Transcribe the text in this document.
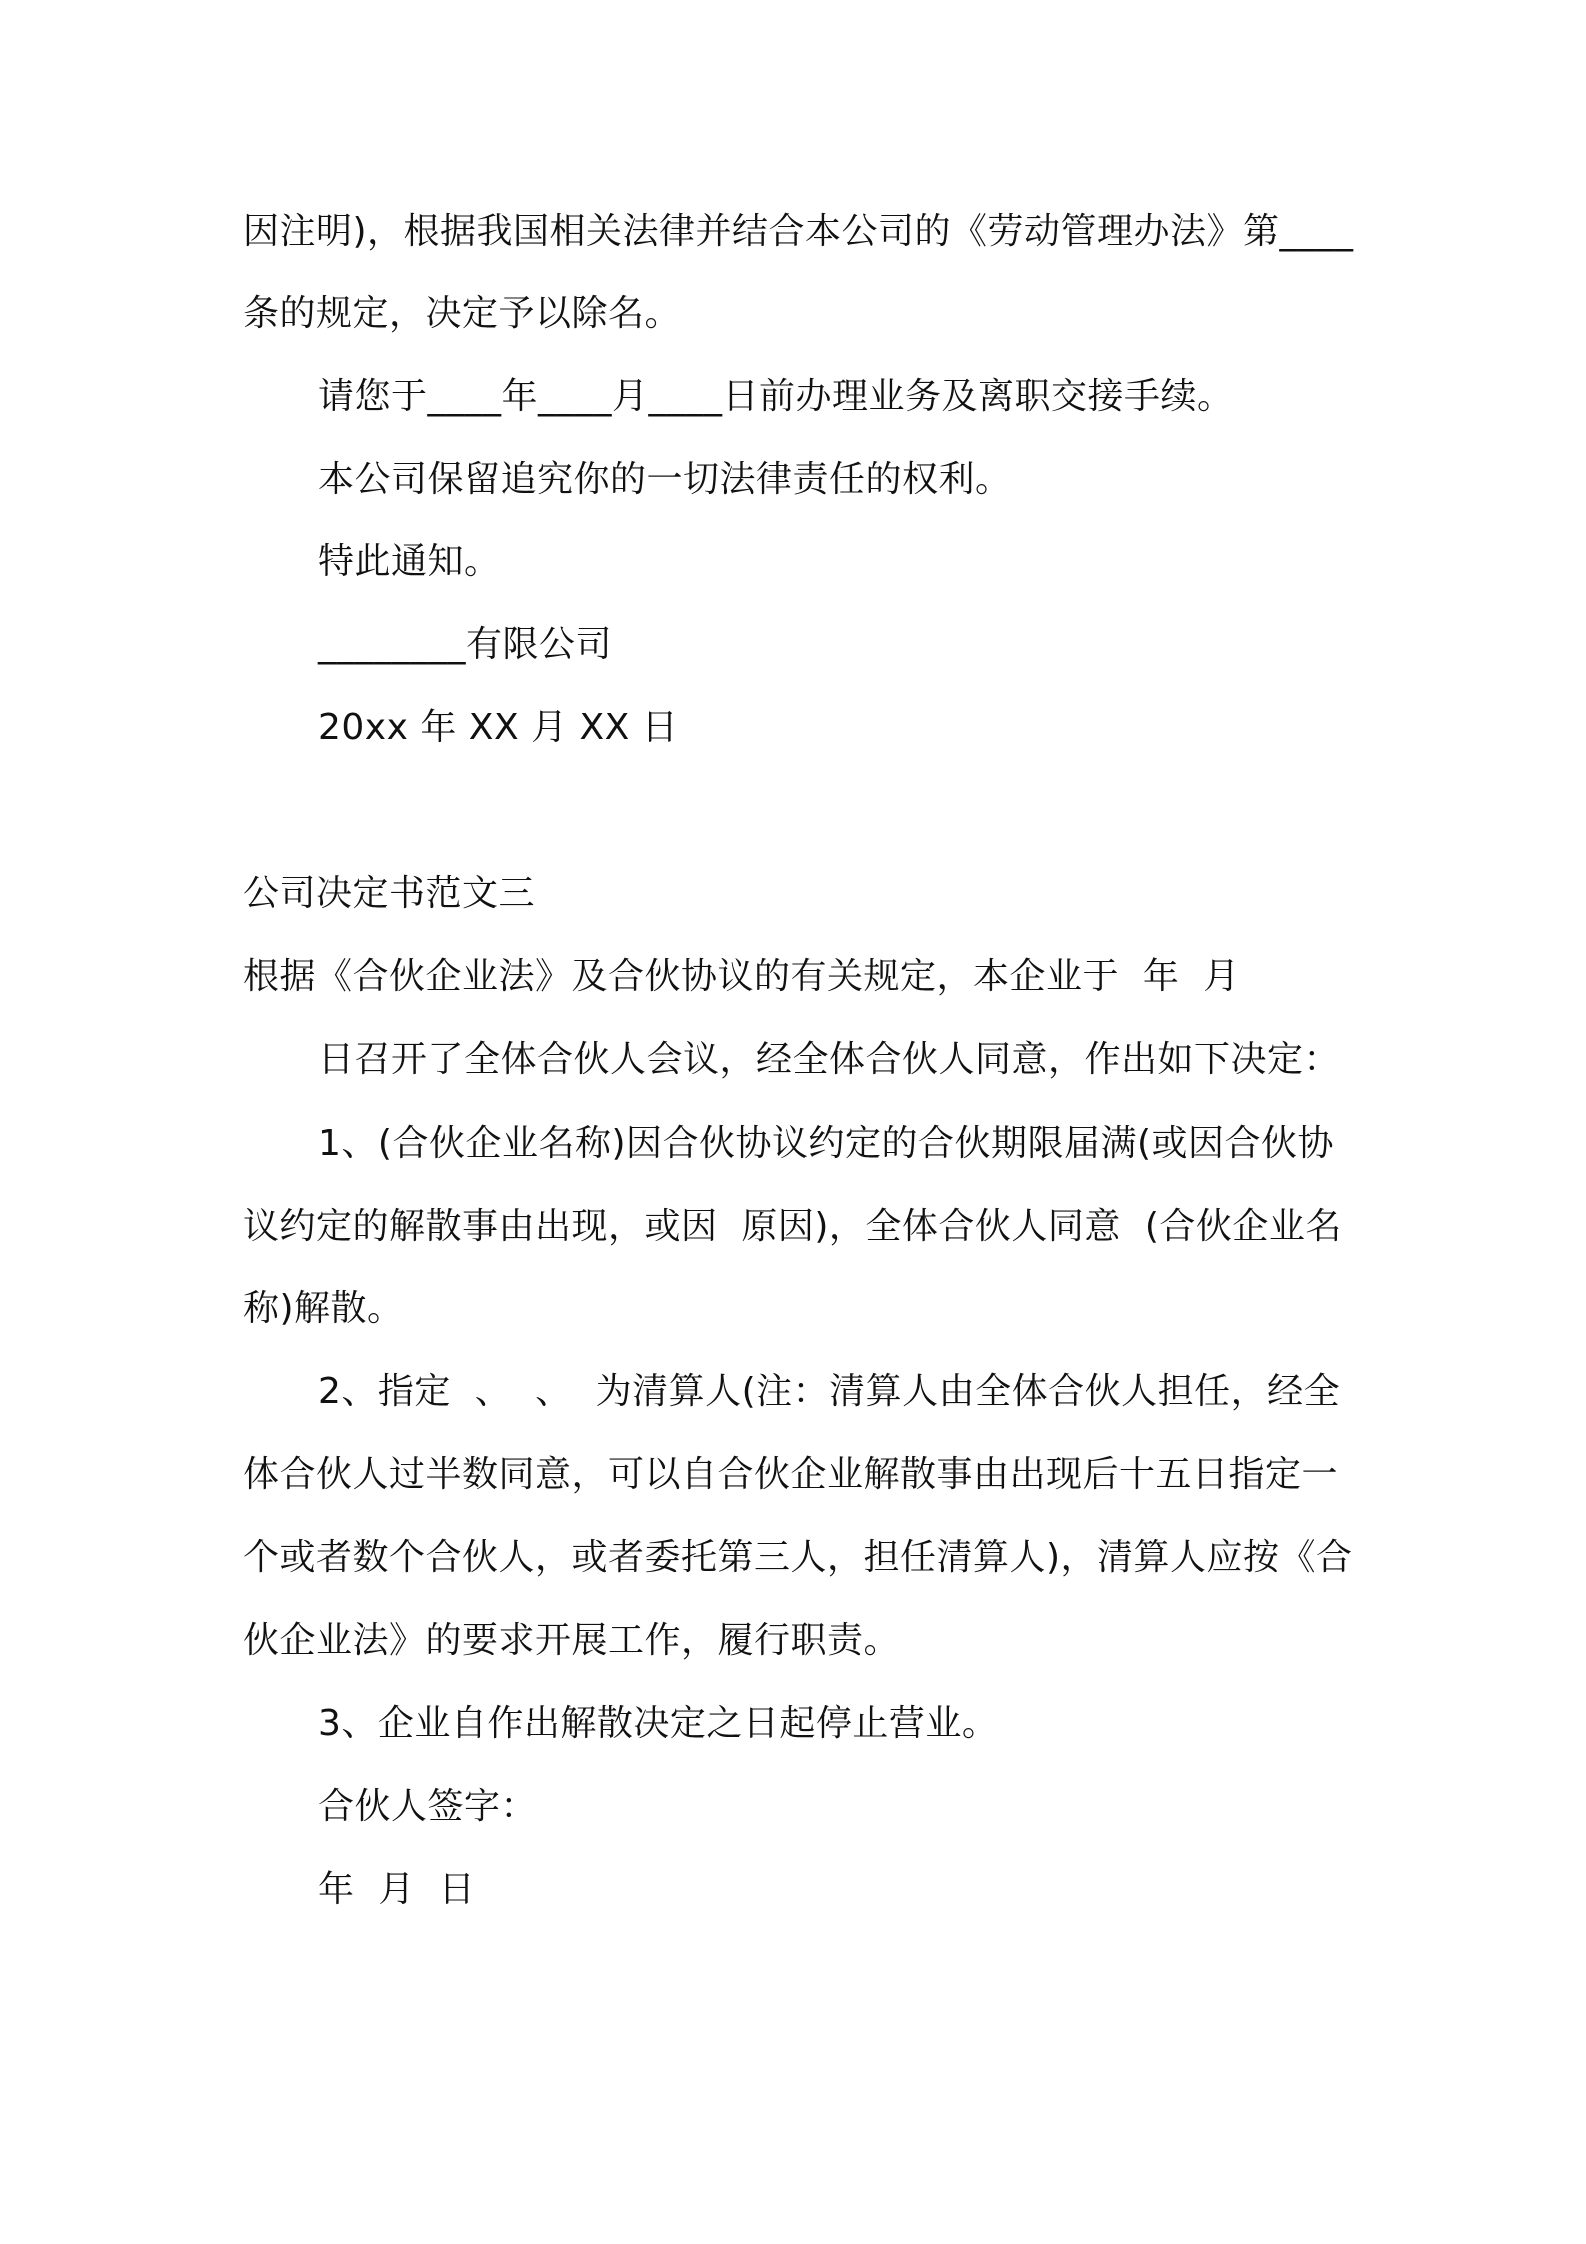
因注明)，根据我国相关法律并结合本公司的《劳动管理办法》第____
条的规定，决定予以除名。
请您于____年____月____日前办理业务及离职交接手续。
本公司保留追究你的一切法律责任的权利。
特此通知。
________有限公司
20xx 年 XX 月 XX 日
公司决定书范文三
根据《合伙企业法》及合伙协议的有关规定，本企业于  年  月
日召开了全体合伙人会议，经全体合伙人同意，作出如下决定：
1、(合伙企业名称)因合伙协议约定的合伙期限届满(或因合伙协
议约定的解散事由出现，或因  原因)，全体合伙人同意  (合伙企业名
称)解散。
2、指定  、  、  为清算人(注：清算人由全体合伙人担任，经全
体合伙人过半数同意，可以自合伙企业解散事由出现后十五日指定一
个或者数个合伙人，或者委托第三人，担任清算人)，清算人应按《合
伙企业法》的要求开展工作，履行职责。
3、企业自作出解散决定之日起停止营业。
合伙人签字：
年  月  日
